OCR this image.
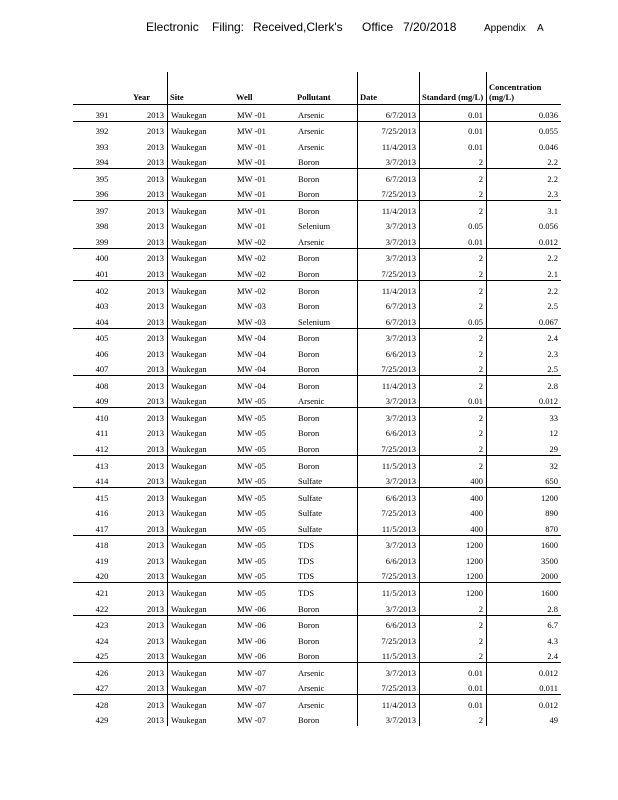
Electronic Filing: Received,Clerk's Office 7/20/2018	Appendix A
	Year	Site	Well	Pollutant	Date	Standard (mg/L)	Concentration (mg/L)
391	2013	Waukegan	MW -01	Arsenic	6/7/2013	0.01	0.036
392	2013	Waukegan	MW -01	Arsenic	7/25/2013	0.01	0.055
393	2013	Waukegan	MW -01	Arsenic	11/4/2013	0.01	0.046
394	2013	Waukegan	MW -01	Boron	3/7/2013	2	2.2
395	2013	Waukegan	MW -01	Boron	6/7/2013	2	2.2
396	2013	Waukegan	MW -01	Boron	7/25/2013	2	2.3
397	2013	Waukegan	MW -01	Boron	11/4/2013	2	3.1
398	2013	Waukegan	MW -01	Selenium	3/7/2013	0.05	0.056
399	2013	Waukegan	MW -02	Arsenic	3/7/2013	0.01	0.012
400	2013	Waukegan	MW -02	Boron	3/7/2013	2	2.2
401	2013	Waukegan	MW -02	Boron	7/25/2013	2	2.1
402	2013	Waukegan	MW -02	Boron	11/4/2013	2	2.2
403	2013	Waukegan	MW -03	Boron	6/7/2013	2	2.5
404	2013	Waukegan	MW -03	Selenium	6/7/2013	0.05	0.067
405	2013	Waukegan	MW -04	Boron	3/7/2013	2	2.4
406	2013	Waukegan	MW -04	Boron	6/6/2013	2	2.3
407	2013	Waukegan	MW -04	Boron	7/25/2013	2	2.5
408	2013	Waukegan	MW -04	Boron	11/4/2013	2	2.8
409	2013	Waukegan	MW -05	Arsenic	3/7/2013	0.01	0.012
410	2013	Waukegan	MW -05	Boron	3/7/2013	2	33
411	2013	Waukegan	MW -05	Boron	6/6/2013	2	12
412	2013	Waukegan	MW -05	Boron	7/25/2013	2	29
413	2013	Waukegan	MW -05	Boron	11/5/2013	2	32
414	2013	Waukegan	MW -05	Sulfate	3/7/2013	400	650
415	2013	Waukegan	MW -05	Sulfate	6/6/2013	400	1200
416	2013	Waukegan	MW -05	Sulfate	7/25/2013	400	890
417	2013	Waukegan	MW -05	Sulfate	11/5/2013	400	870
418	2013	Waukegan	MW -05	TDS	3/7/2013	1200	1600
419	2013	Waukegan	MW -05	TDS	6/6/2013	1200	3500
420	2013	Waukegan	MW -05	TDS	7/25/2013	1200	2000
421	2013	Waukegan	MW -05	TDS	11/5/2013	1200	1600
422	2013	Waukegan	MW -06	Boron	3/7/2013	2	2.8
423	2013	Waukegan	MW -06	Boron	6/6/2013	2	6.7
424	2013	Waukegan	MW -06	Boron	7/25/2013	2	4.3
425	2013	Waukegan	MW -06	Boron	11/5/2013	2	2.4
426	2013	Waukegan	MW -07	Arsenic	3/7/2013	0.01	0.012
427	2013	Waukegan	MW -07	Arsenic	7/25/2013	0.01	0.011
428	2013	Waukegan	MW -07	Arsenic	11/4/2013	0.01	0.012
429	2013	Waukegan	MW -07	Boron	3/7/2013	2	49
